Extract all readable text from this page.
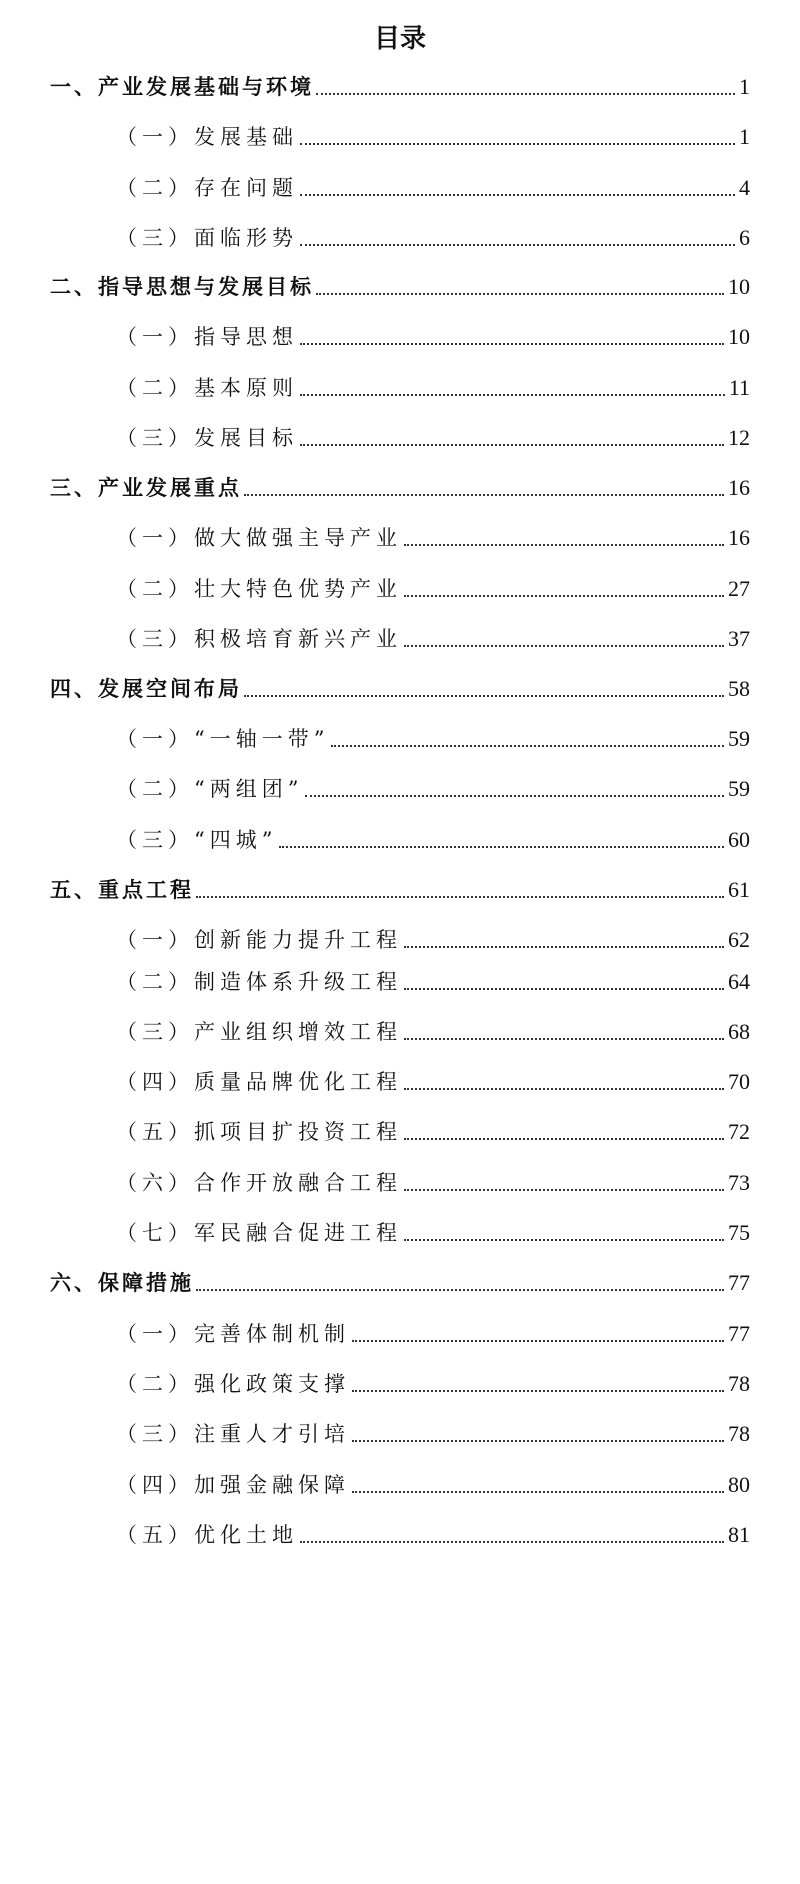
目录
一、产业发展基础与环境	1
（一）发展基础	1
（二）存在问题	4
（三）面临形势	6
二、指导思想与发展目标	10
（一）指导思想	10
（二）基本原则	11
（三）发展目标	12
三、产业发展重点	16
（一）做大做强主导产业	16
（二）壮大特色优势产业	27
（三）积极培育新兴产业	37
四、发展空间布局	58
（一）“一轴一带”	59
（二）“两组团”	59
（三）“四城”	60
五、重点工程	61
（一）创新能力提升工程	62
（二）制造体系升级工程	64
（三）产业组织增效工程	68
（四）质量品牌优化工程	70
（五）抓项目扩投资工程	72
（六）合作开放融合工程	73
（七）军民融合促进工程	75
六、保障措施	77
（一）完善体制机制	77
（二）强化政策支撑	78
（三）注重人才引培	78
（四）加强金融保障	80
（五）优化土地	81
